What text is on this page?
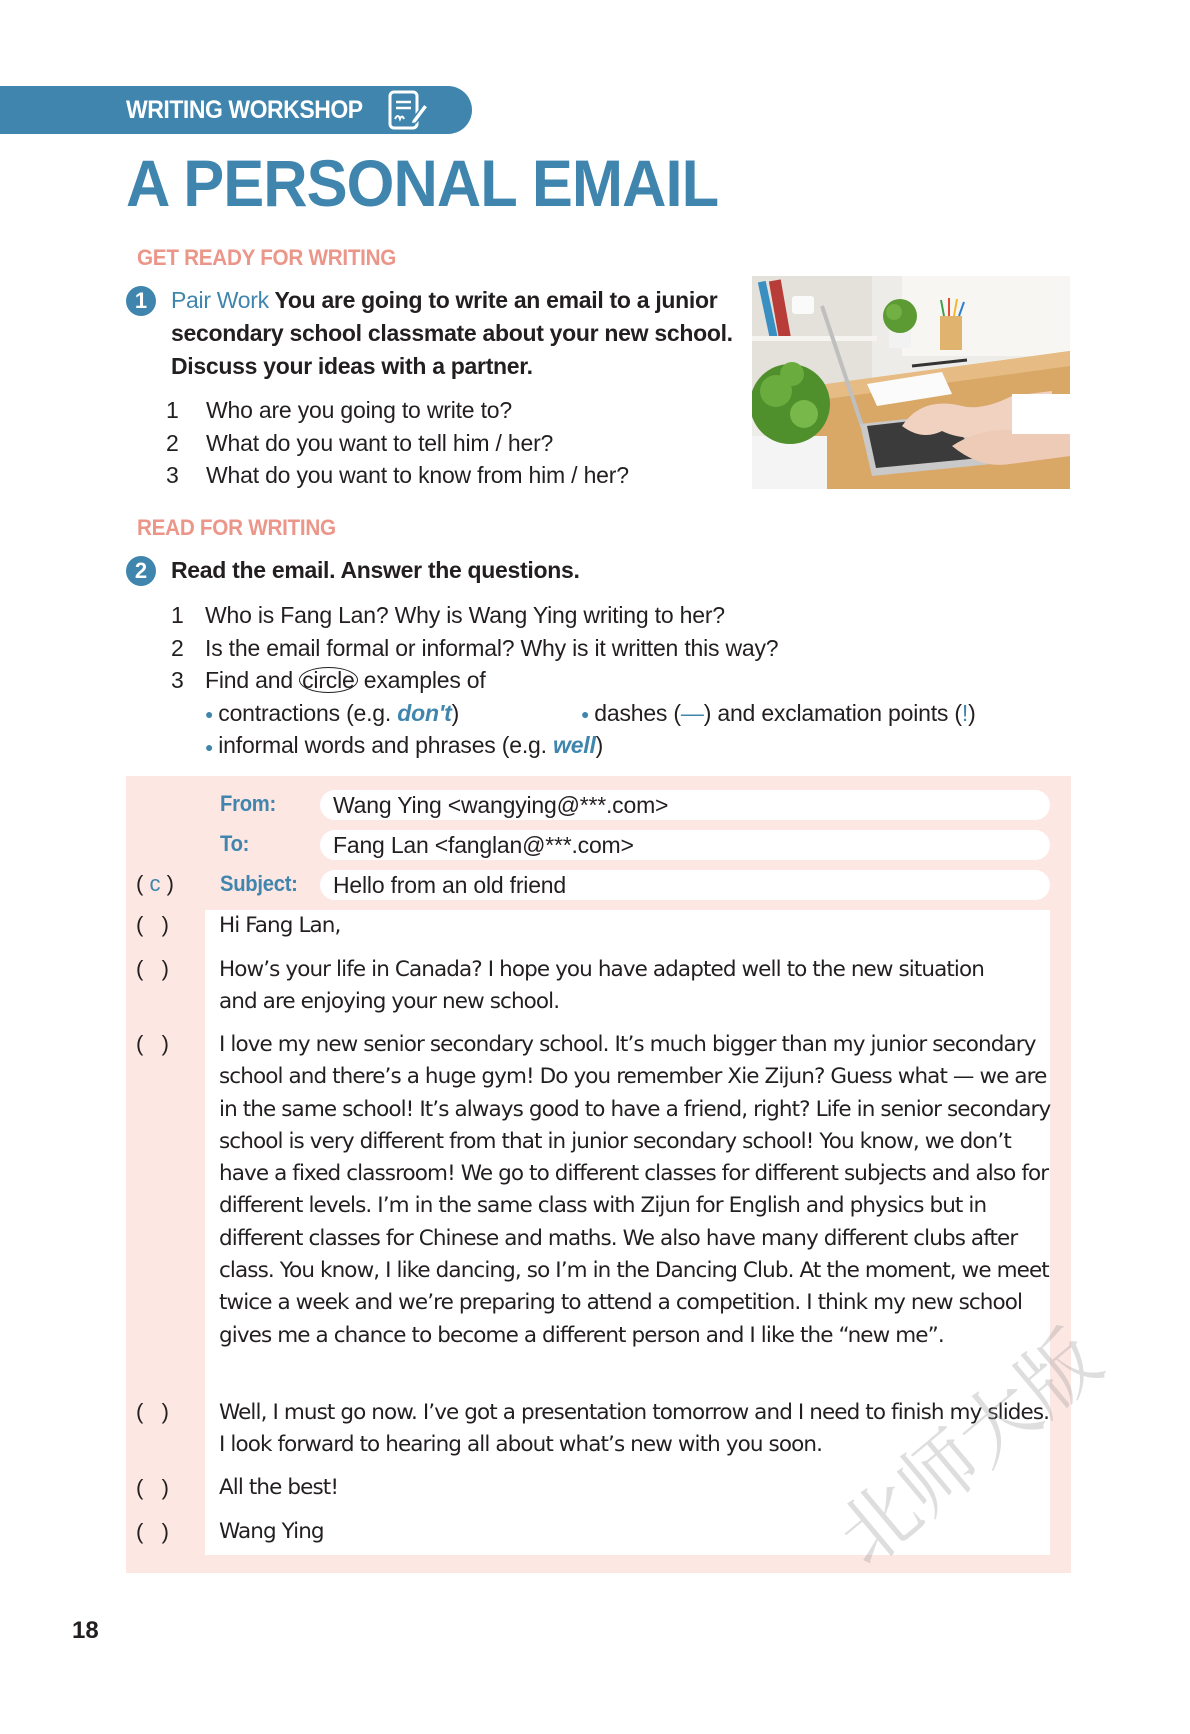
WRITING WORKSHOP
A PERSONAL EMAIL
GET READY FOR WRITING
1	Pair Work You are going to write an email to a junior
secondary school classmate about your new school.
Discuss your ideas with a partner.
1 Who are you going to write to?
2 What do you want to tell him / her?
3 What do you want to know from him / her?
READ FOR WRITING
2	Read the email. Answer the questions.
1 Who is Fang Lan? Why is Wang Ying writing to her?
2 Is the email formal or informal? Why is it written this way?
3 Find and circle examples of
● contractions (e.g. don't)	● dashes (—) and exclamation points (!)
● informal words and phrases (e.g. well)
From:	Wang Ying <wangying@***.com>
To:	Fang Lan <fanglan@***.com>
( c )	Subject:	Hello from an old friend
(   )	Hi Fang Lan,
(   )	How’s your life in Canada? I hope you have adapted well to the new situation and are enjoying your new school.
(   )	I love my new senior secondary school. It’s much bigger than my junior secondary school and there’s a huge gym! Do you remember Xie Zijun? Guess what — we are in the same school! It’s always good to have a friend, right? Life in senior secondary school is very different from that in junior secondary school! You know, we don’t have a fixed classroom! We go to different classes for different subjects and also for different levels. I’m in the same class with Zijun for English and physics but in different classes for Chinese and maths. We also have many different clubs after class. You know, I like dancing, so I’m in the Dancing Club. At the moment, we meet twice a week and we’re preparing to attend a competition. I think my new school gives me a chance to become a different person and I like the “new me”.
(   )	Well, I must go now. I’ve got a presentation tomorrow and I need to finish my slides. I look forward to hearing all about what’s new with you soon.
(   )	All the best!
(   )	Wang Ying
18
北师大版
